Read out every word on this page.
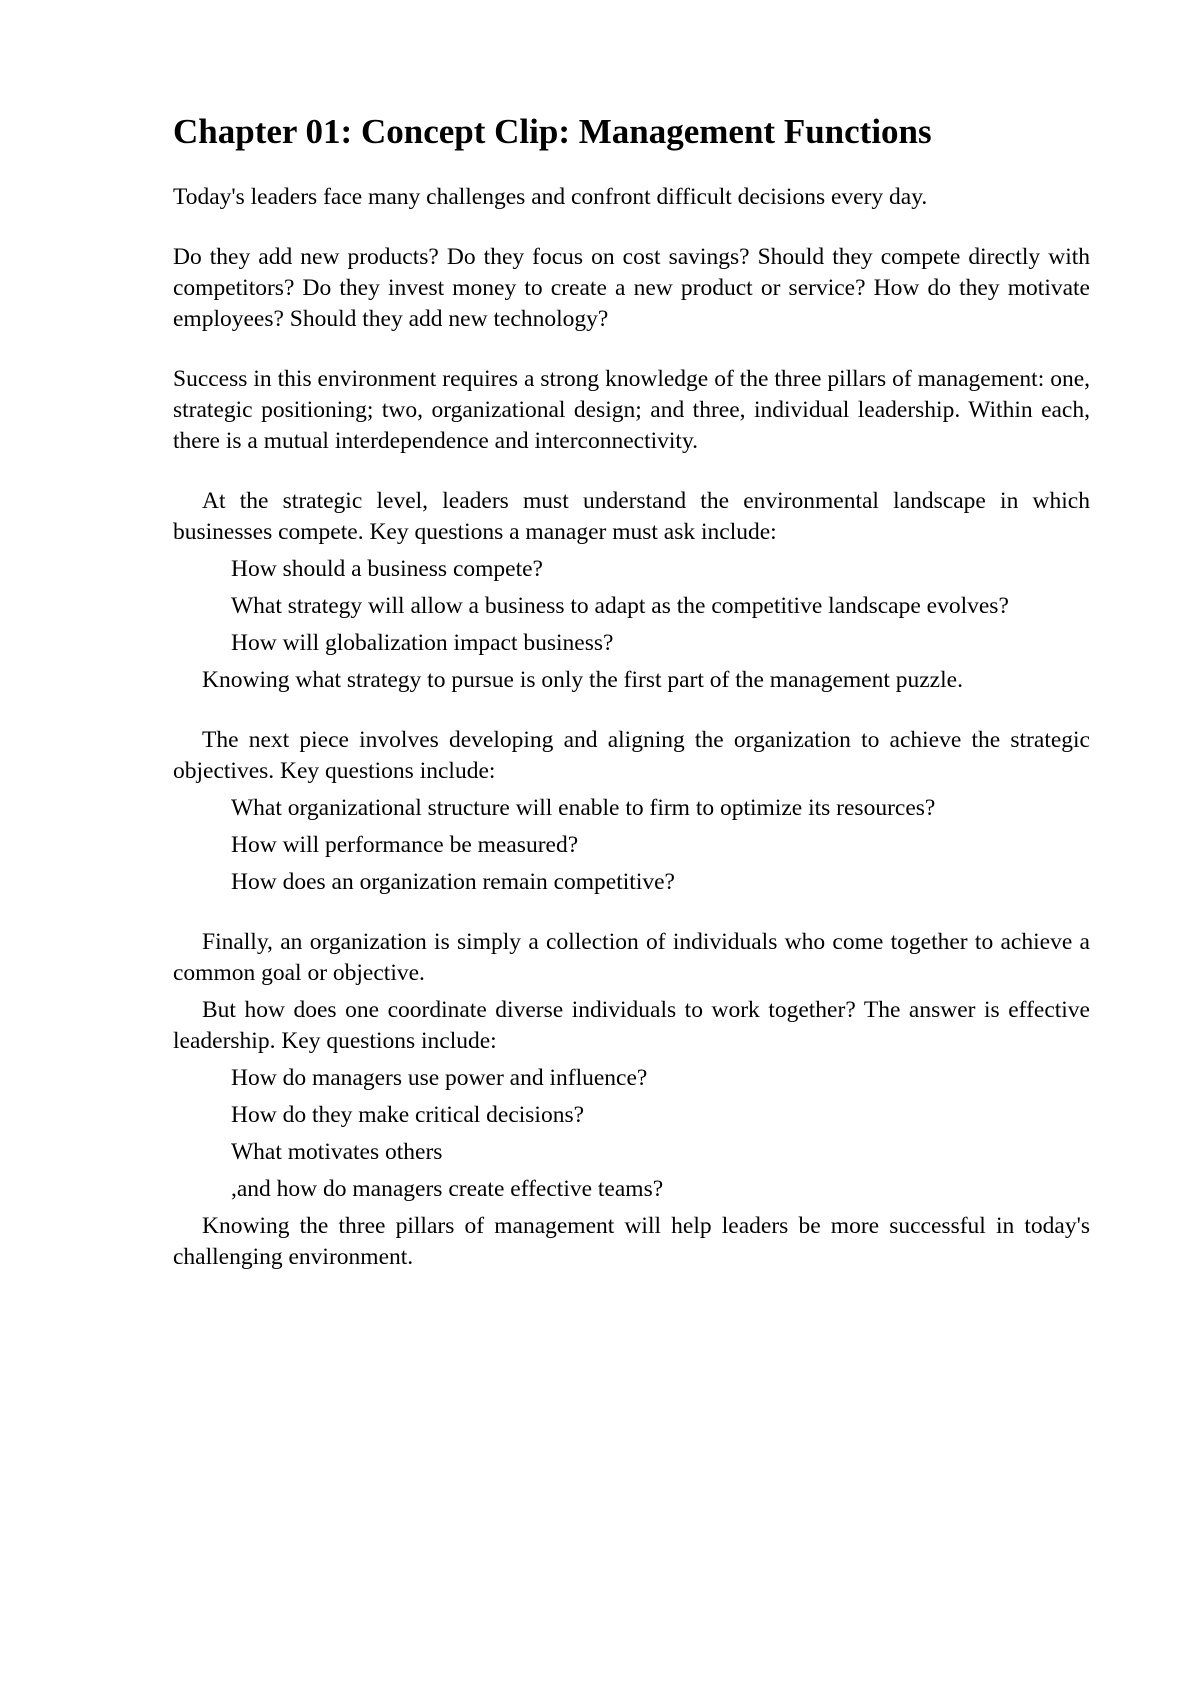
Chapter 01: Concept Clip: Management Functions

Today's leaders face many challenges and confront difficult decisions every day.

Do they add new products? Do they focus on cost savings? Should they compete directly with competitors? Do they invest money to create a new product or service? How do they motivate employees? Should they add new technology?

Success in this environment requires a strong knowledge of the three pillars of management: one, strategic positioning; two, organizational design; and three, individual leadership. Within each, there is a mutual interdependence and interconnectivity.

At the strategic level, leaders must understand the environmental landscape in which businesses compete. Key questions a manager must ask include:

How should a business compete?

What strategy will allow a business to adapt as the competitive landscape evolves?

How will globalization impact business?

Knowing what strategy to pursue is only the first part of the management puzzle.

The next piece involves developing and aligning the organization to achieve the strategic objectives. Key questions include:

What organizational structure will enable to firm to optimize its resources?

How will performance be measured?

How does an organization remain competitive?

Finally, an organization is simply a collection of individuals who come together to achieve a common goal or objective.

But how does one coordinate diverse individuals to work together? The answer is effective leadership. Key questions include:

How do managers use power and influence?

How do they make critical decisions?

What motivates others

,and how do managers create effective teams?

Knowing the three pillars of management will help leaders be more successful in today's challenging environment.
